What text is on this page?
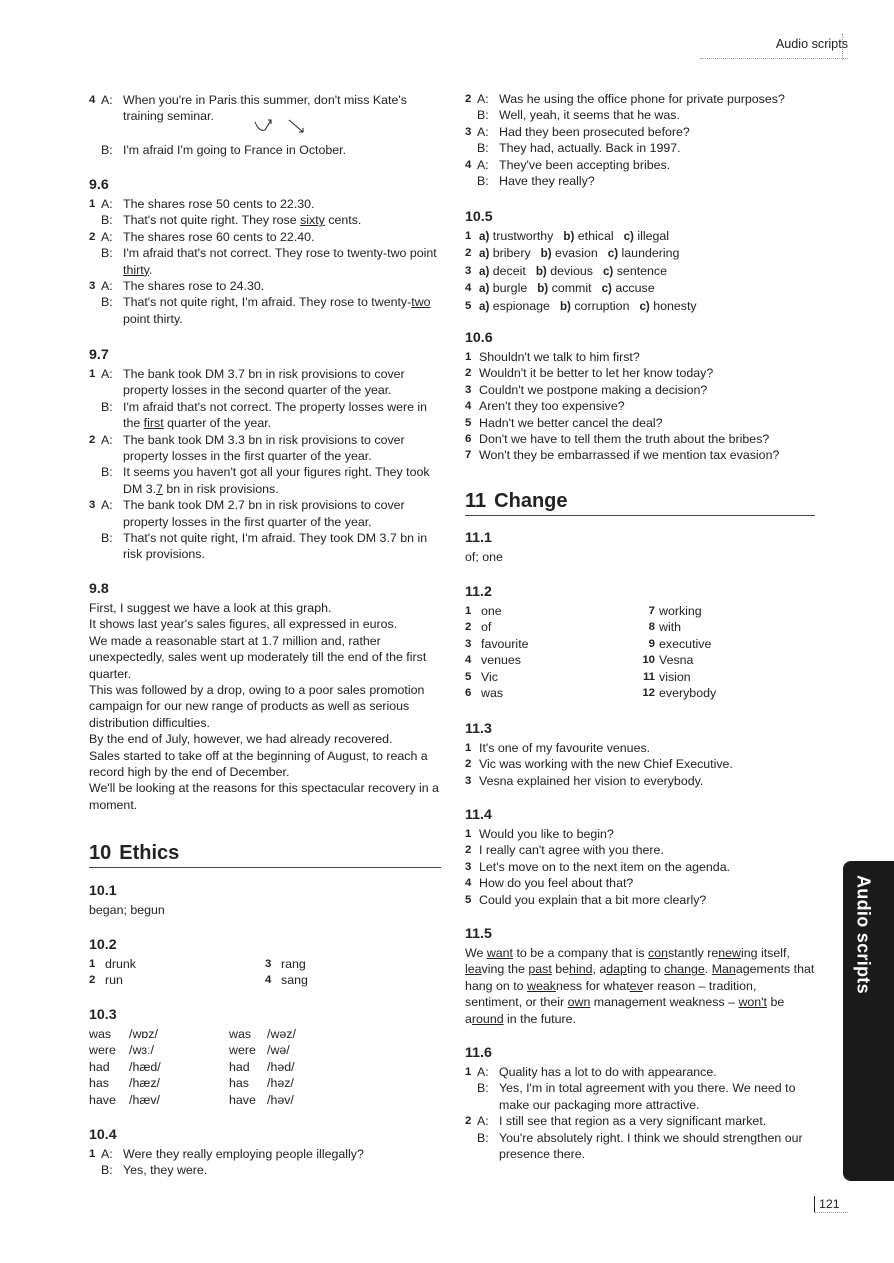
Audio scripts
4 A: When you're in Paris this summer, don't miss Kate's training seminar.
B: I'm afraid I'm going to France in October.
9.6
1 A: The shares rose 50 cents to 22.30.
B: That's not quite right. They rose sixty cents.
2 A: The shares rose 60 cents to 22.40.
B: I'm afraid that's not correct. They rose to twenty-two point thirty.
3 A: The shares rose to 24.30.
B: That's not quite right, I'm afraid. They rose to twenty-two point thirty.
9.7
1 A: The bank took DM 3.7 bn in risk provisions to cover property losses in the second quarter of the year.
B: I'm afraid that's not correct. The property losses were in the first quarter of the year.
2 A: The bank took DM 3.3 bn in risk provisions to cover property losses in the first quarter of the year.
B: It seems you haven't got all your figures right. They took DM 3.7 bn in risk provisions.
3 A: The bank took DM 2.7 bn in risk provisions to cover property losses in the first quarter of the year.
B: That's not quite right, I'm afraid. They took DM 3.7 bn in risk provisions.
9.8
First, I suggest we have a look at this graph.
It shows last year's sales figures, all expressed in euros.
We made a reasonable start at 1.7 million and, rather unexpectedly, sales went up moderately till the end of the first quarter.
This was followed by a drop, owing to a poor sales promotion campaign for our new range of products as well as serious distribution difficulties.
By the end of July, however, we had already recovered.
Sales started to take off at the beginning of August, to reach a record high by the end of December.
We'll be looking at the reasons for this spectacular recovery in a moment.
10 Ethics
10.1
began; begun
10.2
1 drunk	3 rang
2 run	4 sang
10.3
was	/wɒz/	was	/wəz/
were	/wɜː/	were /wə/
had	/hæd/	had	/həd/
has	/hæz/	has	/həz/
have	/hæv/	have /həv/
10.4
1 A: Were they really employing people illegally?
B: Yes, they were.
2 A: Was he using the office phone for private purposes?
B: Well, yeah, it seems that he was.
3 A: Had they been prosecuted before?
B: They had, actually. Back in 1997.
4 A: They've been accepting bribes.
B: Have they really?
10.5
1 a) trustworthy b) ethical c) illegal
2 a) bribery b) evasion c) laundering
3 a) deceit b) devious c) sentence
4 a) burgle b) commit c) accuse
5 a) espionage b) corruption c) honesty
10.6
1 Shouldn't we talk to him first?
2 Wouldn't it be better to let her know today?
3 Couldn't we postpone making a decision?
4 Aren't they too expensive?
5 Hadn't we better cancel the deal?
6 Don't we have to tell them the truth about the bribes?
7 Won't they be embarrassed if we mention tax evasion?
11 Change
11.1
of; one
11.2
1 one	7 working
2 of	8 with
3 favourite	9 executive
4 venues	10 Vesna
5 Vic	11 vision
6 was	12 everybody
11.3
1 It's one of my favourite venues.
2 Vic was working with the new Chief Executive.
3 Vesna explained her vision to everybody.
11.4
1 Would you like to begin?
2 I really can't agree with you there.
3 Let's move on to the next item on the agenda.
4 How do you feel about that?
5 Could you explain that a bit more clearly?
11.5
We want to be a company that is constantly renewing itself, leaving the past behind, adapting to change. Managements that hang on to weakness for whatever reason – tradition, sentiment, or their own management weakness – won't be around in the future.
11.6
1 A: Quality has a lot to do with appearance.
B: Yes, I'm in total agreement with you there. We need to make our packaging more attractive.
2 A: I still see that region as a very significant market.
B: You're absolutely right. I think we should strengthen our presence there.
Audio scripts
121
